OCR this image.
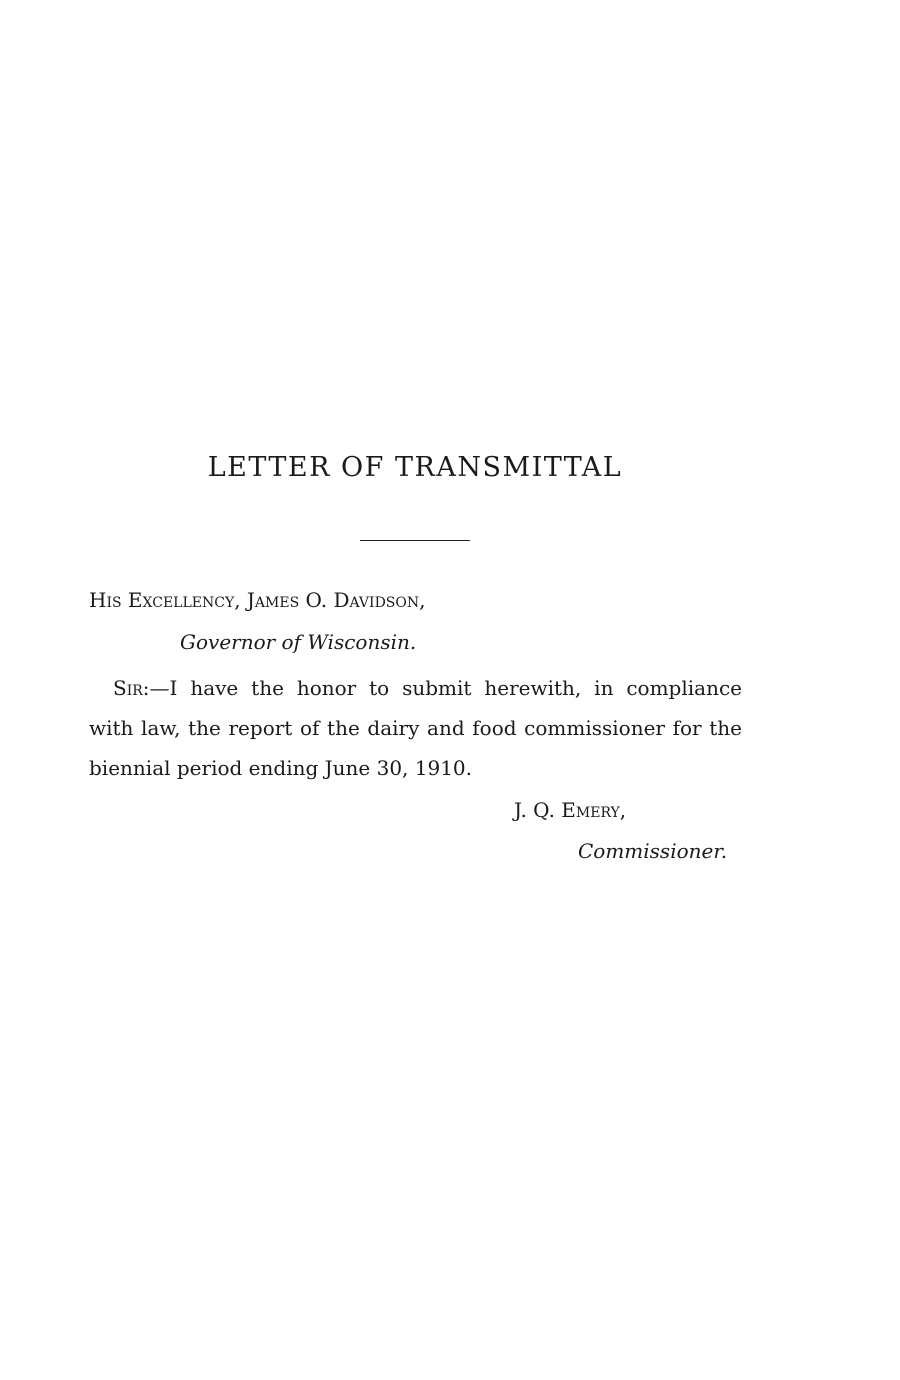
LETTER OF TRANSMITTAL
His Excellency, James O. Davidson,
Governor of Wisconsin.
Sir:—I have the honor to submit herewith, in compliance
with law, the report of the dairy and food commissioner for the
biennial period ending June 30, 1910.
J. Q. Emery,
Commissioner.
